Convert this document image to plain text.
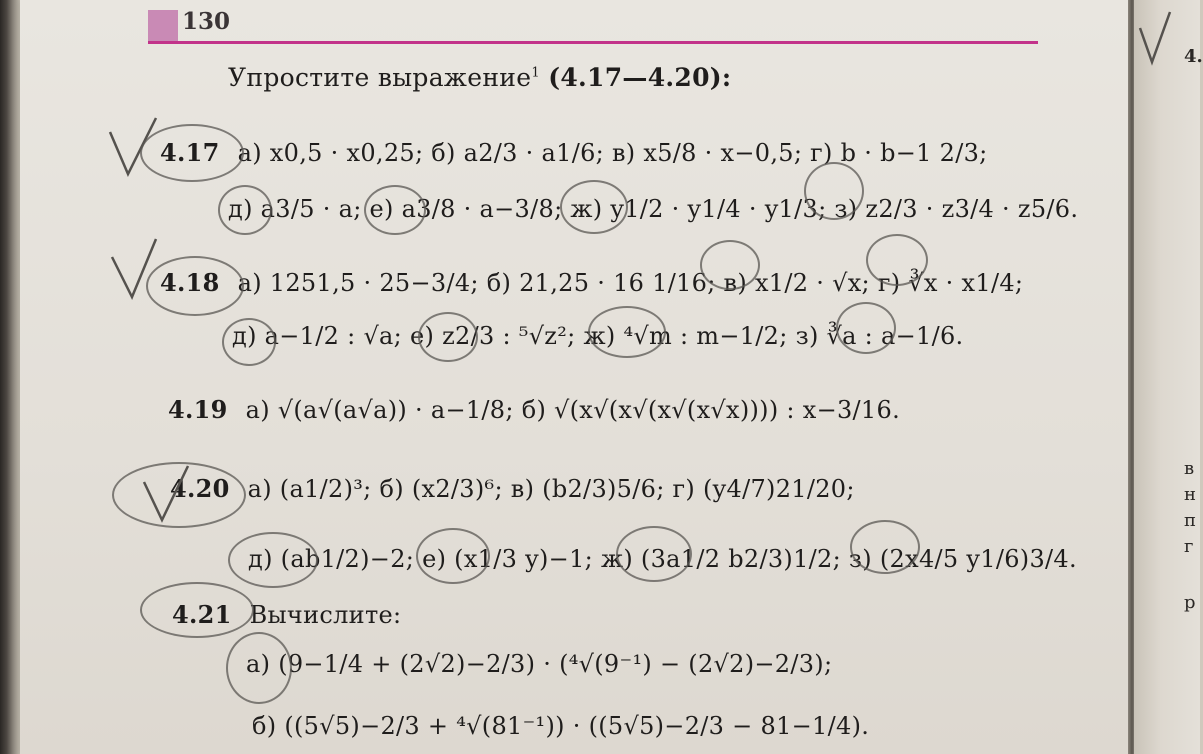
130
Упростите выражение$^1$ (4.17—4.20):
4.17 а) x0,5 · x0,25; б) a2/3 · a1/6; в) x5/8 · x−0,5; г) b · b−1 2/3;
д) a3/5 · a; е) a3/8 · a−3/8; ж) y1/2 · y1/4 · y1/3; з) z2/3 · z3/4 · z5/6.
4.18 а) 1251,5 · 25−3/4; б) 21,25 · 16 1/16; в) x1/2 · √x; г) ∛x · x1/4;
д) a−1/2 : √a; е) z2/3 : ⁵√z²; ж) ⁴√m : m−1/2; з) ∛a : a−1/6.
4.19 а) √(a√(a√a)) · a−1/8; б) √(x√(x√(x√(x√x)))) : x−3/16.
4.20 а) (a1/2)³; б) (x2/3)⁶; в) (b2/3)5/6; г) (y4/7)21/20;
д) (ab1/2)−2; е) (x1/3 y)−1; ж) (3a1/2 b2/3)1/2; з) (2x4/5 y1/6)3/4.
4.21 Вычислите:
а) (9−1/4 + (2√2)−2/3) · (⁴√(9⁻¹) − (2√2)−2/3);
б) ((5√5)−2/3 + ⁴√(81⁻¹)) · ((5√5)−2/3 − 81−1/4).
4.
в
н
п
г
р
